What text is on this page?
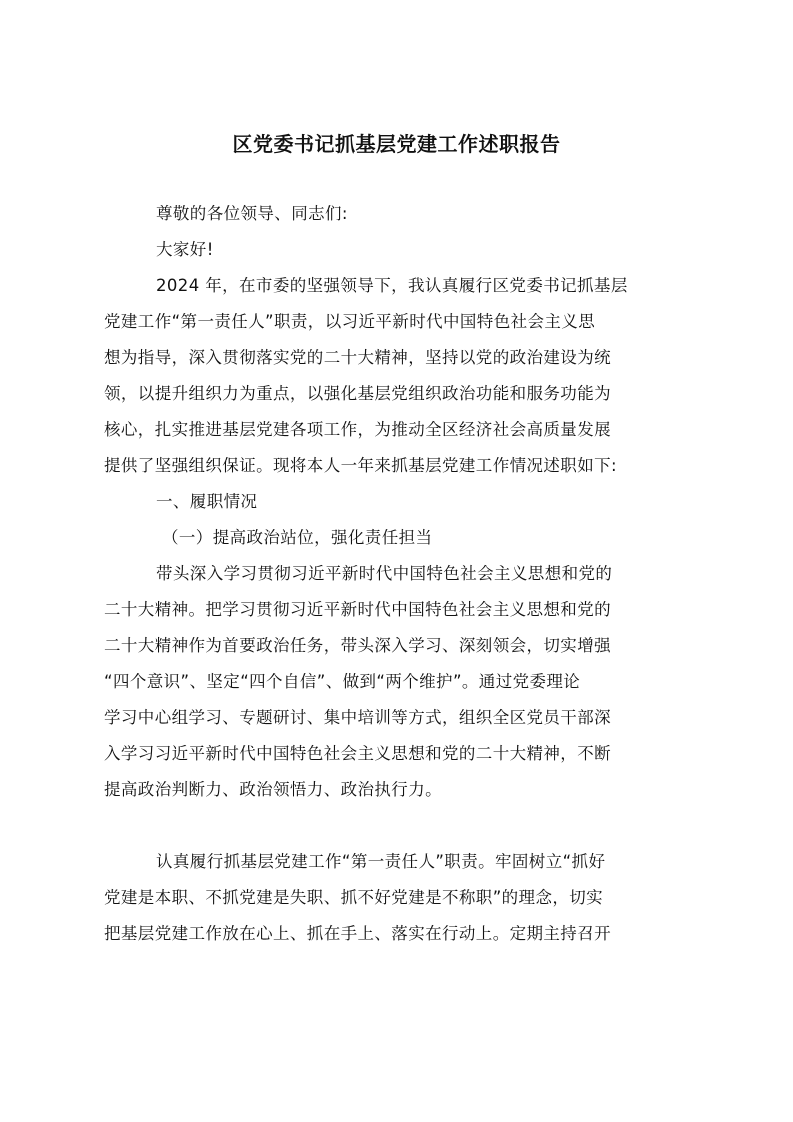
区党委书记抓基层党建工作述职报告
尊敬的各位领导、同志们:
大家好!
2024 年，在市委的坚强领导下，我认真履行区党委书记抓基层
党建工作“第一责任人”职责，以习近平新时代中国特色社会主义思
想为指导，深入贯彻落实党的二十大精神，坚持以党的政治建设为统
领，以提升组织力为重点，以强化基层党组织政治功能和服务功能为
核心，扎实推进基层党建各项工作，为推动全区经济社会高质量发展
提供了坚强组织保证。现将本人一年来抓基层党建工作情况述职如下:
一、履职情况
（一）提高政治站位，强化责任担当
带头深入学习贯彻习近平新时代中国特色社会主义思想和党的
二十大精神。把学习贯彻习近平新时代中国特色社会主义思想和党的
二十大精神作为首要政治任务，带头深入学习、深刻领会，切实增强
“四个意识”、坚定“四个自信”、做到“两个维护”。通过党委理论
学习中心组学习、专题研讨、集中培训等方式，组织全区党员干部深
入学习习近平新时代中国特色社会主义思想和党的二十大精神，不断
提高政治判断力、政治领悟力、政治执行力。
认真履行抓基层党建工作“第一责任人”职责。牢固树立“抓好
党建是本职、不抓党建是失职、抓不好党建是不称职”的理念，切实
把基层党建工作放在心上、抓在手上、落实在行动上。定期主持召开
